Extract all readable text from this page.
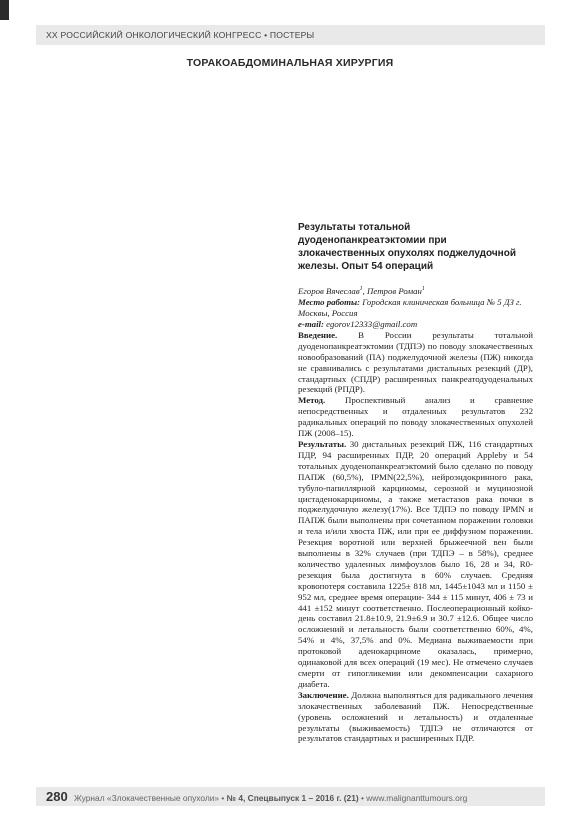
XX РОССИЙСКИЙ ОНКОЛОГИЧЕСКИЙ КОНГРЕСС • ПОСТЕРЫ
ТОРАКОАБДОМИНАЛЬНАЯ ХИРУРГИЯ

Результаты тотальной дуоденопанкреатэктомии при злокачественных опухолях поджелудочной железы. Опыт 54 операций

Егоров Вячеслав$^1$, Петров Роман$^1$

Место работы: Городская клиническая больница № 5 ДЗ г. Москвы, Россия

e-mail: egorov12333@gmail.com

Введение. В России результаты тотальной дуоденопанкреатэктомии (ТДПЭ) по поводу злокачественных новообразований (ПА) поджелудочной железы (ПЖ) никогда не сравнивались с результатами дистальных резекций (ДР), стандартных (СПДР) расширенных панкреатодуоденальных резекций (РПДР).

Метод. Проспективный анализ и сравнение непосредственных и отдаленных результатов 232 радикальных операций по поводу злокачественных опухолей ПЖ (2008–15).

Результаты. 30 дистальных резекций ПЖ, 116 стандартных ПДР, 94 расширенных ПДР, 20 операций Appleby и 54 тотальных дуоденопанкреатэктомий было сделано по поводу ПАПЖ (60,5%), IPMN(22,5%), нейроэндокринного рака, тубуло-папиллярной карциномы, серозной и муцинозной цистаденокарциномы, а также метастазов рака почки в поджелудочную железу(17%). Все ТДПЭ по поводу IPMN и ПАПЖ были выполнены при сочетанном поражении головки и тела и/или хвоста ПЖ, или при ее диффузном поражении. Резекция воротной или верхней брыжеечной вен были выполнены в 32% случаев (при ТДПЭ – в 58%), среднее количество удаленных лимфоузлов было 16, 28 и 34, R0-резекция была достигнута в 60% случаев. Средняя кровопотеря составила 1225± 818 мл, 1445±1043 мл и 1150 ± 952 мл, среднее время операции- 344 ± 115 минут, 406 ± 73 и 441 ±152 минут соответственно. Послеоперационный койко-день составил 21.8±10.9, 21.9±6.9 и 30.7 ±12.6. Общее число осложнений и летальность были соответственно 60%, 4%, 54% и 4%, 37,5% and 0%. Медиана выживаемости при протоковой аденокарциноме оказалась, примерно, одинаковой для всех операций (19 мес). Не отмечено случаев смерти от гипогликемии или декомпенсации сахарного диабета.

Заключение. Должна выполняться для радикального лечения злокачественных заболеваний ПЖ. Непосредственные (уровень осложнений и летальность) и отдаленные результаты (выживаемость) ТДПЭ не отличаются от результатов стандартных и расширенных ПДР.

280 Журнал «Злокачественные опухоли» • № 4, Спецвыпуск 1 – 2016 г. (21) • www.malignanttumours.org
